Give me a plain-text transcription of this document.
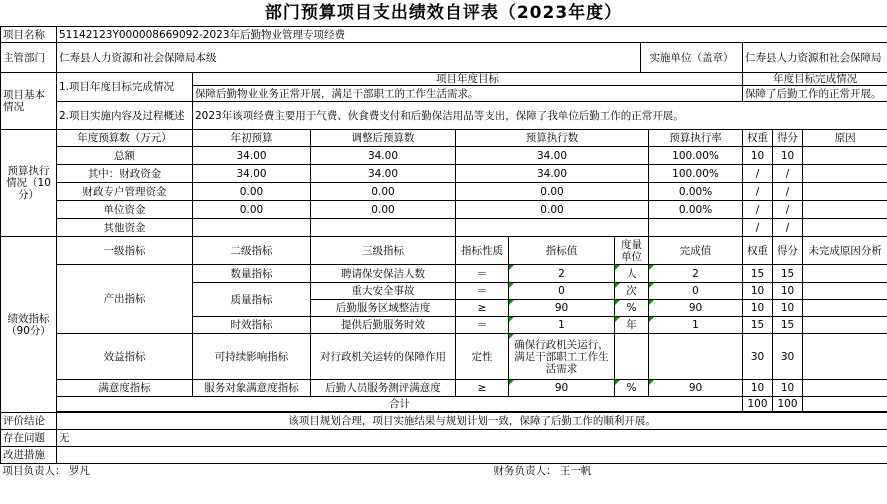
部门预算项目支出绩效自评表（2023年度）
项目名称	51142123Y000008669092-2023年后勤物业管理专项经费										
主管部门	仁寿县人力资源和社会保障局本级						实施单位（盖章）		仁寿县人力资源和社会保障局		
项目基本情况	1.项目年度目标完成情况	项目年度目标							年度目标完成情况		
		保障后勤物业业务正常开展，满足干部职工的工作生活需求。							保障了后勤工作的正常开展。		
	2.项目实施内容及过程概述	2023年该项经费主要用于气费、伙食费支付和后勤保洁用品等支出，保障了我单位后勤工作的正常开展。									
预算执行情况（10分）	年度预算数（万元）	年初预算	调整后预算数	预算执行数				预算执行率	权重	得分	原因
	总额	34.00	34.00	34.00				100.00%	10	10	
	其中：财政资金	34.00	34.00	34.00				100.00%	/	/	
	财政专户管理资金	0.00	0.00	0.00				0.00%	/	/	
	单位资金	0.00	0.00	0.00				0.00%	/	/	
	其他资金								/	/	
绩效指标（90分）	一级指标	二级指标	三级指标	指标性质	指标值	度量单位		完成值	权重	得分	未完成原因分析
	产出指标	数量指标	聘请保安保洁人数	＝	2	人		2	15	15	
		质量指标	重大安全事故	＝	0	次		0	10	10	
			后勤服务区域整洁度	≥	90	%		90	10	10	
		时效指标	提供后勤服务时效	＝	1	年		1	15	15	
	效益指标	可持续影响指标	对行政机关运转的保障作用	定性	确保行政机关运行，满足干部职工工作生活需求				30	30	
	满意度指标	服务对象满意度指标	后勤人员服务测评满意度	≥	90	%		90	10	10	
	合计								100	100	

评价结论	该项目规划合理，项目实施结果与规划计划一致，保障了后勤工作的顺利开展。										
存在问题	无										
改进措施											
项目负责人： 罗凡				财务负责人： 王一帆							
